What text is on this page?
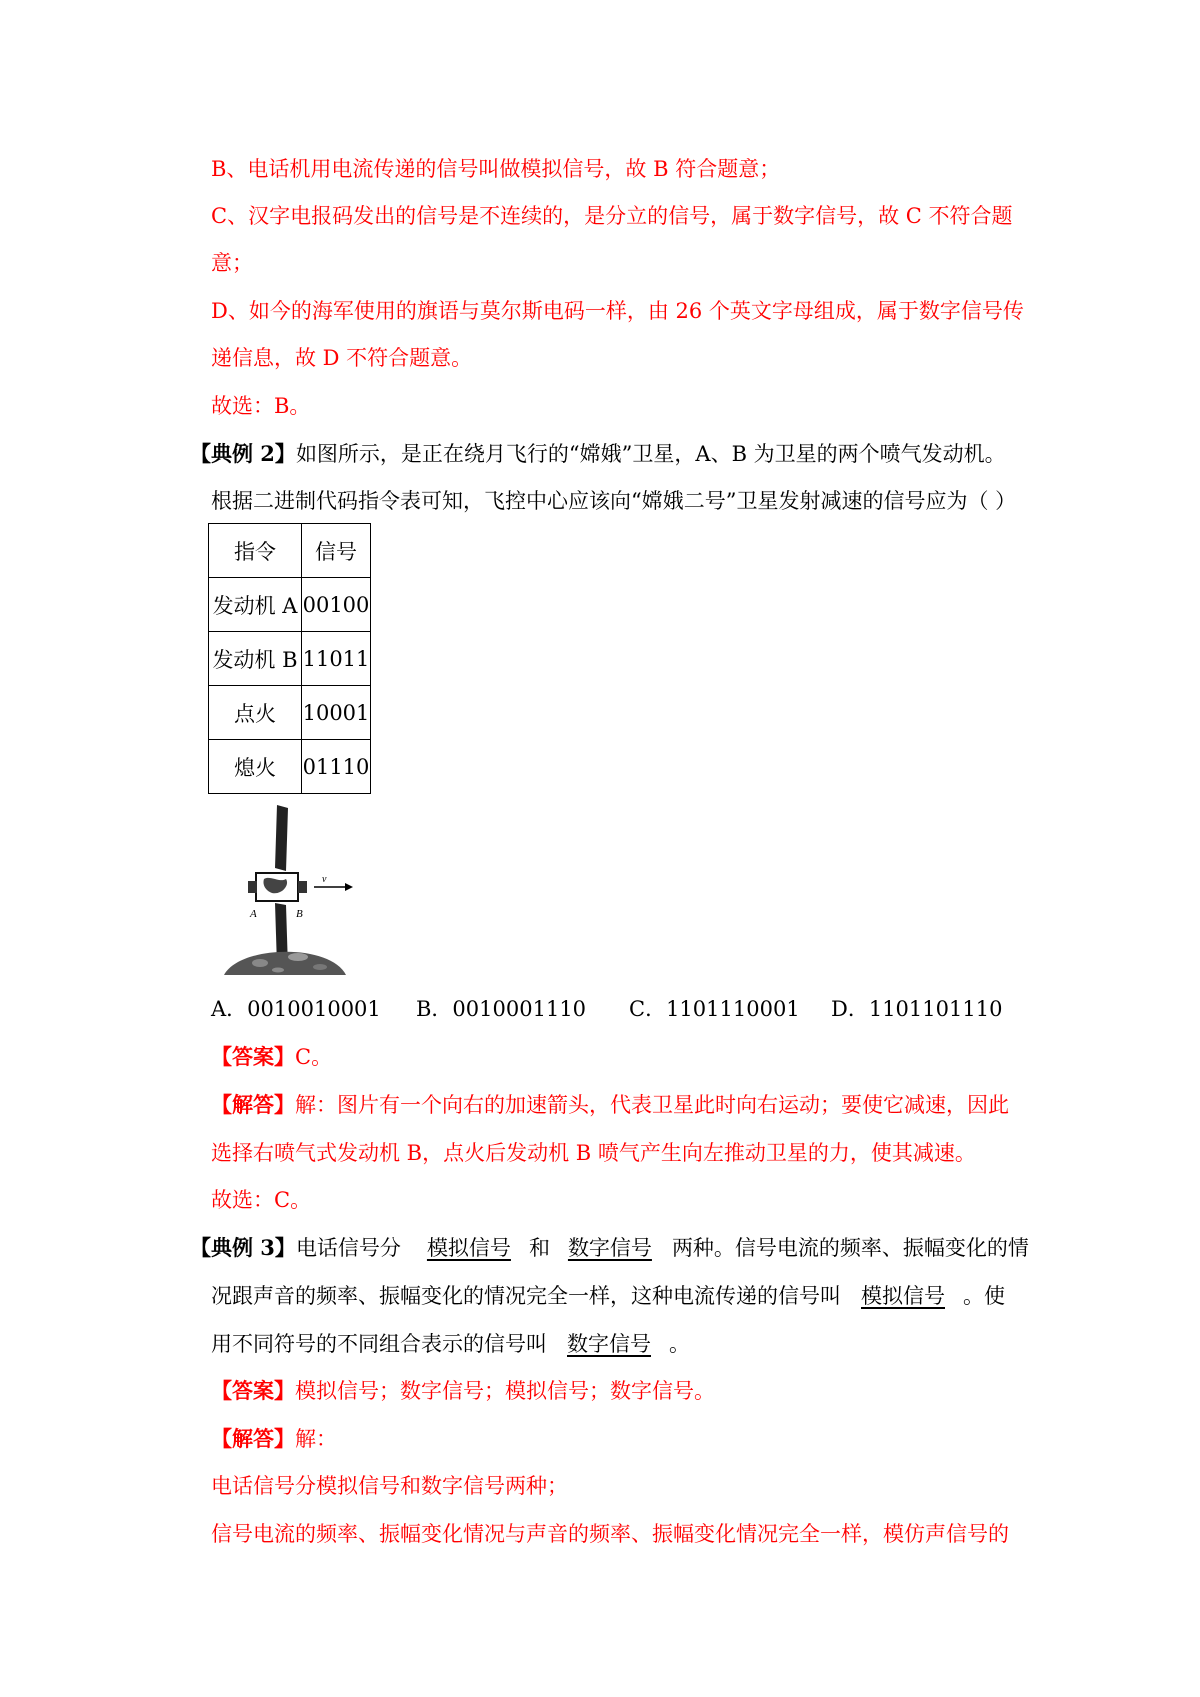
B、电话机用电流传递的信号叫做模拟信号，故 B 符合题意；
C、汉字电报码发出的信号是不连续的，是分立的信号，属于数字信号，故 C 不符合题
意；
D、如今的海军使用的旗语与莫尔斯电码一样，由 26 个英文字母组成，属于数字信号传
递信息，故 D 不符合题意。
故选：B。
【典例 2】如图所示，是正在绕月飞行的“嫦娥”卫星，A、B 为卫星的两个喷气发动机。
根据二进制代码指令表可知，飞控中心应该向“嫦娥二号”卫星发射减速的信号应为（ ）
指令	信号
发动机 A	00100
发动机 B	11011
点火	10001
熄火	01110
A	B
v
A．0010010001 B．0010001110 C．1101110001 D．1101101110
【答案】C。
【解答】解：图片有一个向右的加速箭头，代表卫星此时向右运动；要使它减速，因此
选择右喷气式发动机 B，点火后发动机 B 喷气产生向左推动卫星的力，使其减速。
故选：C。
【典例 3】电话信号分 模拟信号 和 数字信号 两种。信号电流的频率、振幅变化的情
况跟声音的频率、振幅变化的情况完全一样，这种电流传递的信号叫 模拟信号 。使
用不同符号的不同组合表示的信号叫 数字信号 。
【答案】模拟信号；数字信号；模拟信号；数字信号。
【解答】解：
电话信号分模拟信号和数字信号两种；
信号电流的频率、振幅变化情况与声音的频率、振幅变化情况完全一样，模仿声信号的
